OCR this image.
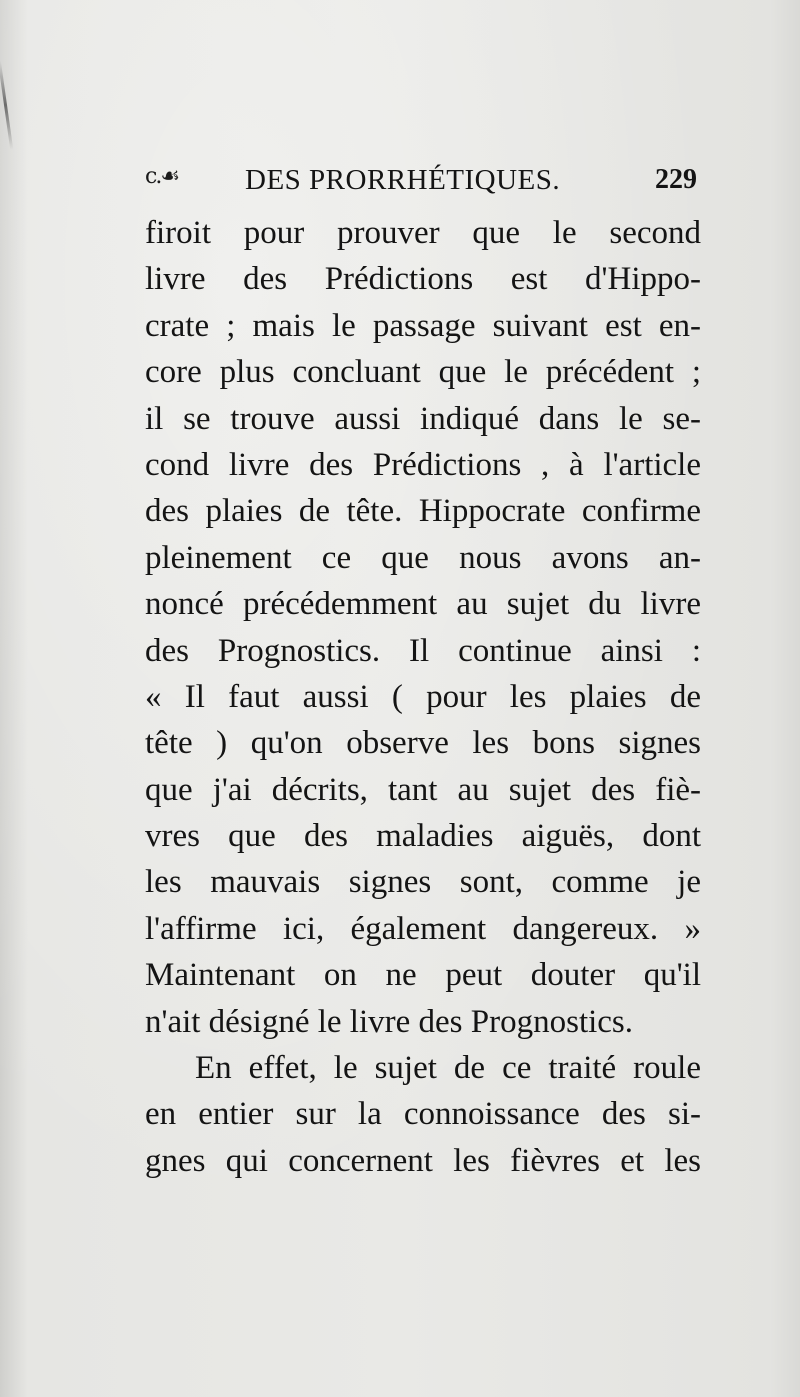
c.☙	DES PRORRHÉTIQUES.	229
firoit pour prouver que le second
livre des Prédictions est d'Hippo-
crate ; mais le passage suivant est en-
core plus concluant que le précédent ;
il se trouve aussi indiqué dans le se-
cond livre des Prédictions , à l'article
des plaies de tête. Hippocrate confirme
pleinement ce que nous avons an-
noncé précédemment au sujet du livre
des Prognostics. Il continue ainsi :
« Il faut aussi ( pour les plaies de
tête ) qu'on observe les bons signes
que j'ai décrits, tant au sujet des fiè-
vres que des maladies aiguës, dont
les mauvais signes sont, comme je
l'affirme ici, également dangereux. »
Maintenant on ne peut douter qu'il
n'ait désigné le livre des Prognostics.
En effet, le sujet de ce traité roule
en entier sur la connoissance des si-
gnes qui concernent les fièvres et les
